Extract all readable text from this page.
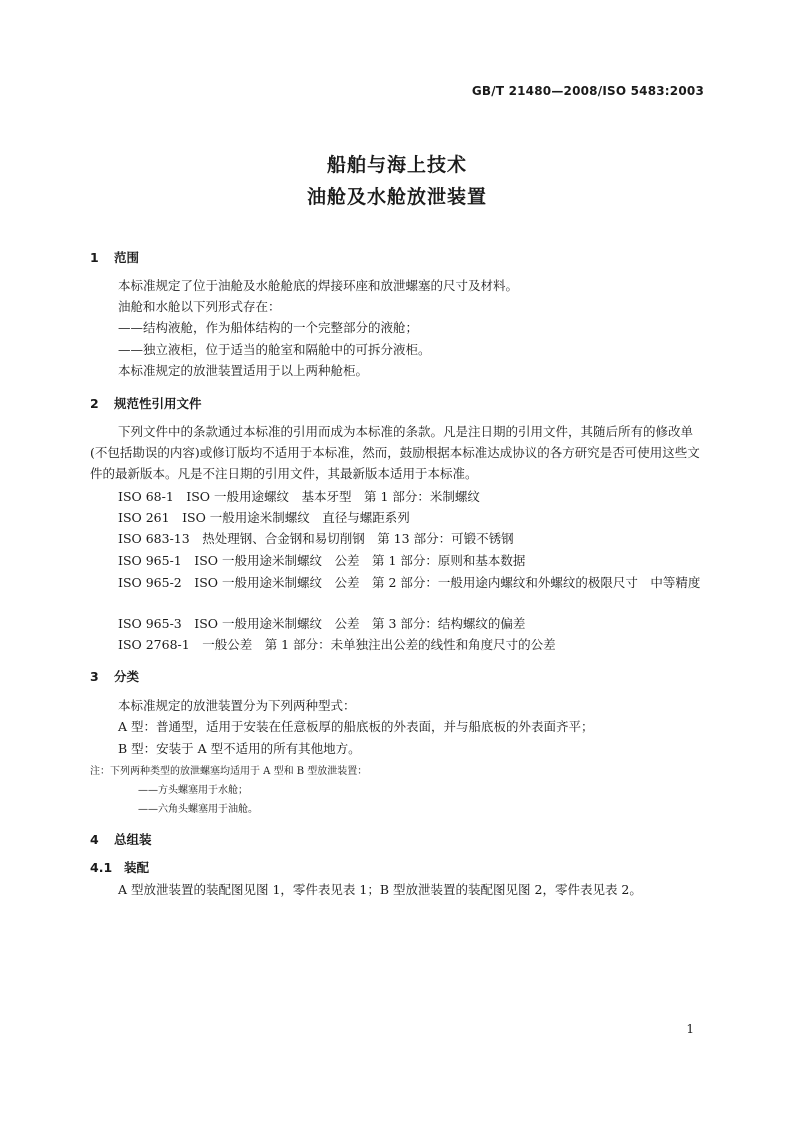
GB/T 21480—2008/ISO 5483:2003
船舶与海上技术
油舱及水舱放泄装置
1 范围
本标准规定了位于油舱及水舱舱底的焊接环座和放泄螺塞的尺寸及材料。
油舱和水舱以下列形式存在：
——结构液舱，作为船体结构的一个完整部分的液舱；
——独立液柜，位于适当的舱室和隔舱中的可拆分液柜。
本标准规定的放泄装置适用于以上两种舱柜。
2 规范性引用文件
下列文件中的条款通过本标准的引用而成为本标准的条款。凡是注日期的引用文件，其随后所有的修改单(不包括勘误的内容)或修订版均不适用于本标准，然而，鼓励根据本标准达成协议的各方研究是否可使用这些文件的最新版本。凡是不注日期的引用文件，其最新版本适用于本标准。
ISO 68-1　ISO 一般用途螺纹　基本牙型　第 1 部分：米制螺纹
ISO 261　ISO 一般用途米制螺纹　直径与螺距系列
ISO 683-13　热处理钢、合金钢和易切削钢　第 13 部分：可锻不锈钢
ISO 965-1　ISO 一般用途米制螺纹　公差　第 1 部分：原则和基本数据
ISO 965-2　ISO 一般用途米制螺纹　公差　第 2 部分：一般用途内螺纹和外螺纹的极限尺寸　中等精度
ISO 965-3　ISO 一般用途米制螺纹　公差　第 3 部分：结构螺纹的偏差
ISO 2768-1　一般公差　第 1 部分：未单独注出公差的线性和角度尺寸的公差
3 分类
本标准规定的放泄装置分为下列两种型式：
A 型：普通型，适用于安装在任意板厚的船底板的外表面，并与船底板的外表面齐平；
B 型：安装于 A 型不适用的所有其他地方。
注：下列两种类型的放泄螺塞均适用于 A 型和 B 型放泄装置：
——方头螺塞用于水舱；
——六角头螺塞用于油舱。
4 总组装
4.1 装配
A 型放泄装置的装配图见图 1，零件表见表 1；B 型放泄装置的装配图见图 2，零件表见表 2。
1
